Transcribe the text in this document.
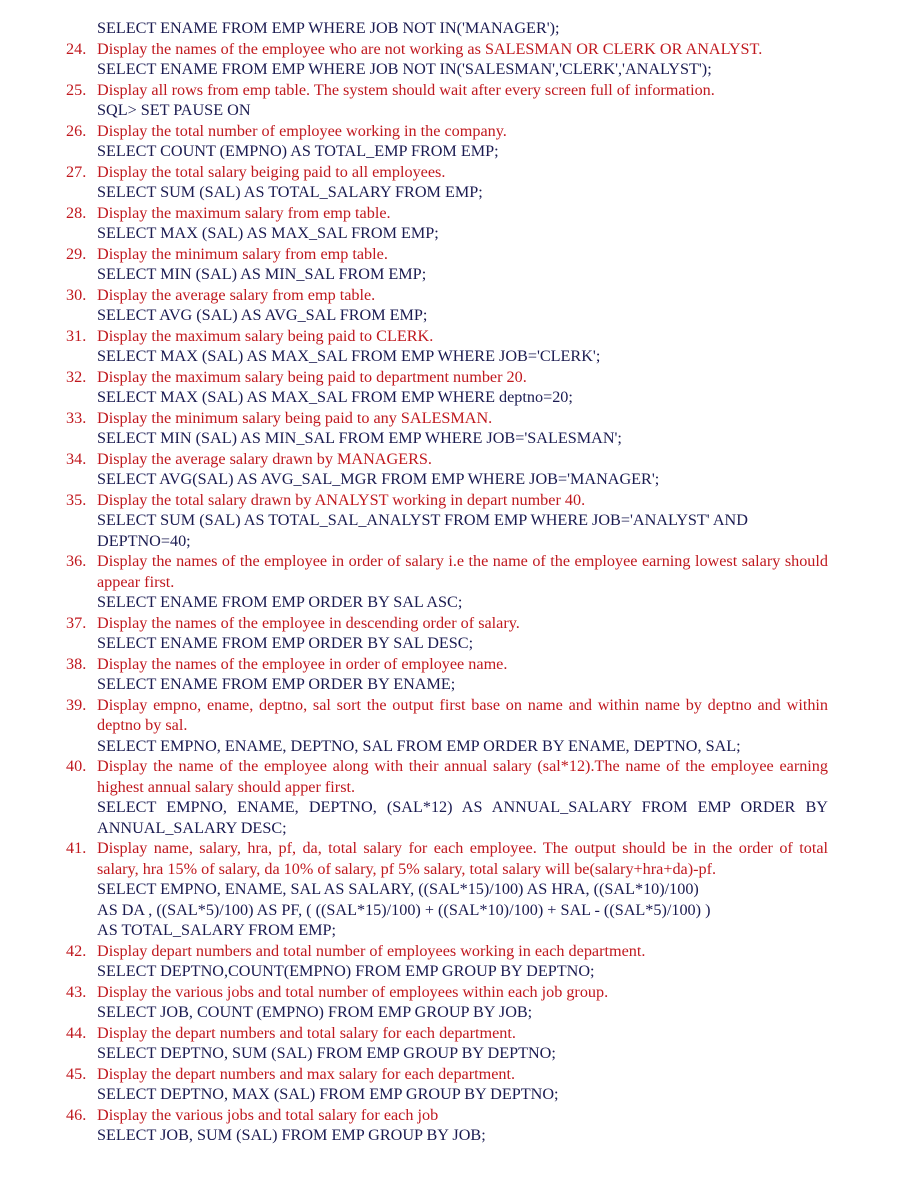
SELECT ENAME FROM EMP WHERE JOB NOT IN('MANAGER');
24. Display the names of the employee who are not working as SALESMAN OR CLERK OR ANALYST.
SELECT ENAME FROM EMP WHERE JOB NOT IN('SALESMAN','CLERK','ANALYST');
25. Display all rows from emp table. The system should wait after every screen full of information.
SQL> SET PAUSE ON
26. Display the total number of employee working in the company.
SELECT COUNT (EMPNO) AS TOTAL_EMP FROM EMP;
27. Display the total salary beiging paid to all employees.
SELECT SUM (SAL) AS TOTAL_SALARY FROM EMP;
28. Display the maximum salary from emp table.
SELECT MAX (SAL) AS MAX_SAL FROM EMP;
29. Display the minimum salary from emp table.
SELECT MIN (SAL) AS MIN_SAL FROM EMP;
30. Display the average salary from emp table.
SELECT AVG (SAL) AS AVG_SAL FROM EMP;
31. Display the maximum salary being paid to CLERK.
SELECT MAX (SAL) AS MAX_SAL FROM EMP WHERE JOB='CLERK';
32. Display the maximum salary being paid to department number 20.
SELECT MAX (SAL) AS MAX_SAL FROM EMP WHERE deptno=20;
33. Display the minimum salary being paid to any SALESMAN.
SELECT MIN (SAL) AS MIN_SAL FROM EMP WHERE JOB='SALESMAN';
34. Display the average salary drawn by MANAGERS.
SELECT AVG(SAL) AS AVG_SAL_MGR FROM EMP WHERE JOB='MANAGER';
35. Display the total salary drawn by ANALYST working in depart number 40.
SELECT SUM (SAL) AS TOTAL_SAL_ANALYST FROM EMP WHERE JOB='ANALYST' AND
DEPTNO=40;
36. Display the names of the employee in order of salary i.e the name of the employee earning lowest salary should appear first.
SELECT ENAME FROM EMP ORDER BY SAL ASC;
37. Display the names of the employee in descending order of salary.
SELECT ENAME FROM EMP ORDER BY SAL DESC;
38. Display the names of the employee in order of employee name.
SELECT ENAME FROM EMP ORDER BY ENAME;
39. Display empno, ename, deptno, sal sort the output first base on name and within name by deptno and within deptno by sal.
SELECT EMPNO, ENAME, DEPTNO, SAL FROM EMP ORDER BY ENAME, DEPTNO, SAL;
40. Display the name of the employee along with their annual salary (sal*12).The name of the employee earning highest annual salary should apper first.
SELECT EMPNO, ENAME, DEPTNO, (SAL*12) AS ANNUAL_SALARY FROM EMP ORDER BY ANNUAL_SALARY DESC;
41. Display name, salary, hra, pf, da, total salary for each employee. The output should be in the order of total salary, hra 15% of salary, da 10% of salary, pf 5% salary, total salary will be(salary+hra+da)-pf.
SELECT EMPNO, ENAME, SAL AS SALARY, ((SAL*15)/100) AS HRA, ((SAL*10)/100)
AS DA , ((SAL*5)/100) AS PF, ( ((SAL*15)/100) + ((SAL*10)/100) + SAL - ((SAL*5)/100) )
AS TOTAL_SALARY FROM EMP;
42. Display depart numbers and total number of employees working in each department.
SELECT DEPTNO,COUNT(EMPNO) FROM EMP GROUP BY DEPTNO;
43. Display the various jobs and total number of employees within each job group.
SELECT JOB, COUNT (EMPNO) FROM EMP GROUP BY JOB;
44. Display the depart numbers and total salary for each department.
SELECT DEPTNO, SUM (SAL) FROM EMP GROUP BY DEPTNO;
45. Display the depart numbers and max salary for each department.
SELECT DEPTNO, MAX (SAL) FROM EMP GROUP BY DEPTNO;
46. Display the various jobs and total salary for each job
SELECT JOB, SUM (SAL) FROM EMP GROUP BY JOB;
